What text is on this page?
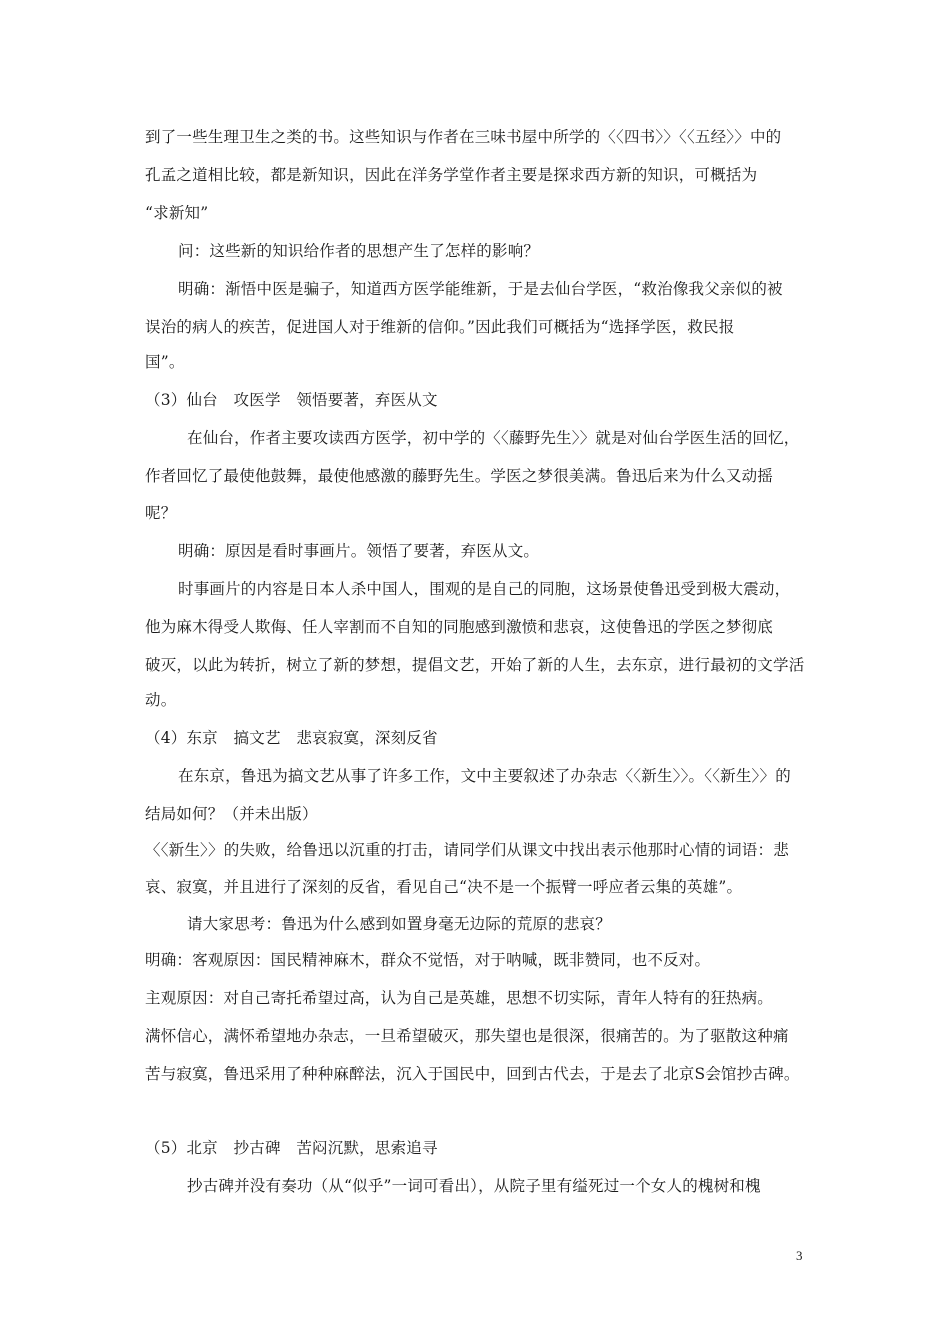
到了一些生理卫生之类的书。这些知识与作者在三味书屋中所学的〈〈四书〉〉〈〈五经〉〉中的
孔孟之道相比较，都是新知识，因此在洋务学堂作者主要是探求西方新的知识，可概括为
“求新知”
问：这些新的知识给作者的思想产生了怎样的影响？
明确：渐悟中医是骗子，知道西方医学能维新，于是去仙台学医，“救治像我父亲似的被
误治的病人的疾苦，促进国人对于维新的信仰。”因此我们可概括为“选择学医，救民报
国”。
（3）仙台　攻医学　领悟要著，弃医从文
在仙台，作者主要攻读西方医学，初中学的〈〈藤野先生〉〉就是对仙台学医生活的回忆，
作者回忆了最使他鼓舞，最使他感激的藤野先生。学医之梦很美满。鲁迅后来为什么又动摇
呢？
明确：原因是看时事画片。领悟了要著，弃医从文。
时事画片的内容是日本人杀中国人，围观的是自己的同胞，这场景使鲁迅受到极大震动，
他为麻木得受人欺侮、任人宰割而不自知的同胞感到激愤和悲哀，这使鲁迅的学医之梦彻底
破灭，以此为转折，树立了新的梦想，提倡文艺，开始了新的人生，去东京，进行最初的文学活
动。
（4）东京　搞文艺　悲哀寂寞，深刻反省
在东京，鲁迅为搞文艺从事了许多工作，文中主要叙述了办杂志〈〈新生〉〉。〈〈新生〉〉的
结局如何？（并未出版）
〈〈新生〉〉的失败，给鲁迅以沉重的打击，请同学们从课文中找出表示他那时心情的词语：悲
哀、寂寞，并且进行了深刻的反省，看见自己“决不是一个振臂一呼应者云集的英雄”。
请大家思考：鲁迅为什么感到如置身毫无边际的荒原的悲哀？
明确：客观原因：国民精神麻木，群众不觉悟，对于呐喊，既非赞同，也不反对。
主观原因：对自己寄托希望过高，认为自己是英雄，思想不切实际，青年人特有的狂热病。
满怀信心，满怀希望地办杂志，一旦希望破灭，那失望也是很深，很痛苦的。为了驱散这种痛
苦与寂寞，鲁迅采用了种种麻醉法，沉入于国民中，回到古代去，于是去了北京S会馆抄古碑。
（5）北京　抄古碑　苦闷沉默，思索追寻
抄古碑并没有奏功（从“似乎”一词可看出），从院子里有缢死过一个女人的槐树和槐
3
